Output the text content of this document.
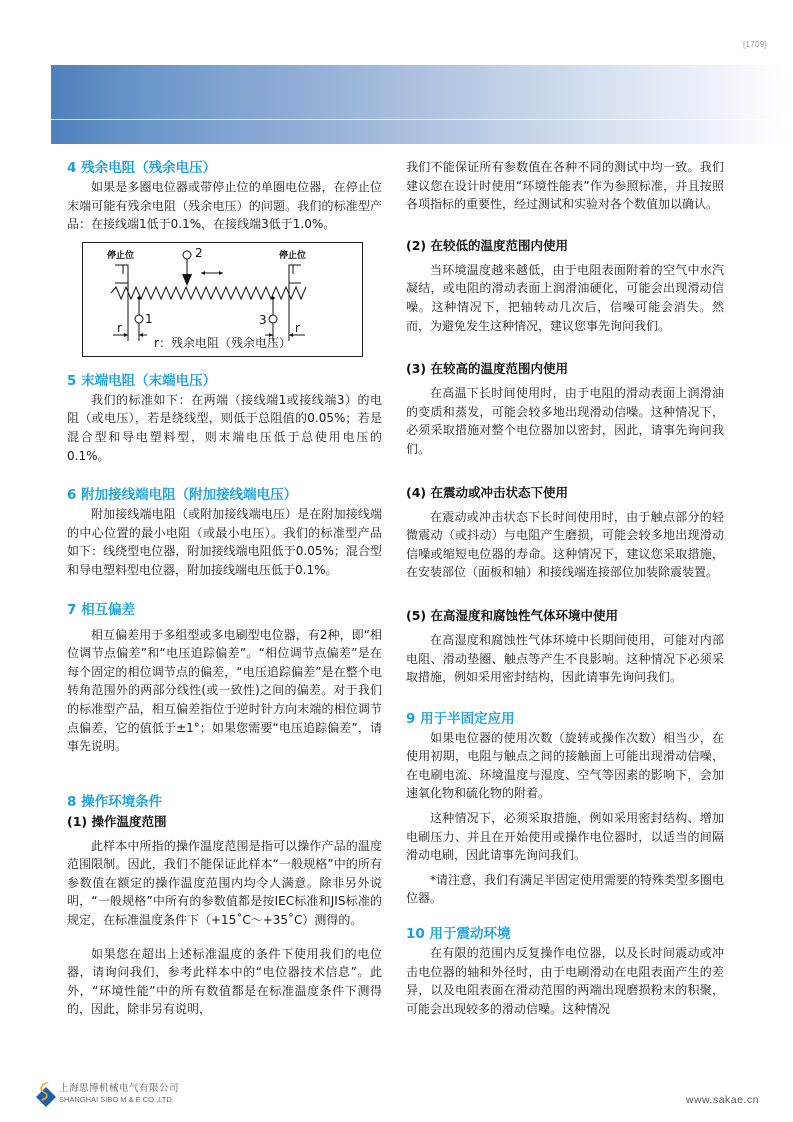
[1709]
4 残余电阻（残余电压）

如果是多圈电位器或带停止位的单圈电位器，在停止位末端可能有残余电阻（残余电压）的问题。我们的标准型产品：在接线端1低于0.1%，在接线端3低于1.0%。

停止位	停止位
2
1	3
r	r
r：残余电阻（残余电压）
5 末端电阻（末端电压）

我们的标准如下：在两端（接线端1或接线端3）的电阻（或电压），若是绕线型，则低于总阻值的0.05%；若是混合型和导电塑料型，则末端电压低于总使用电压的0.1%。

6 附加接线端电阻（附加接线端电压）

附加接线端电阻（或附加接线端电压）是在附加接线端的中心位置的最小电阻（或最小电压）。我们的标准型产品如下：线绕型电位器，附加接线端电阻低于0.05%；混合型和导电塑料型电位器，附加接线端电压低于0.1%。

7 相互偏差

相互偏差用于多组型或多电刷型电位器，有2种，即“相位调节点偏差”和“电压追踪偏差”。“相位调节点偏差”是在每个固定的相位调节点的偏差，“电压追踪偏差”是在整个电转角范围外的两部分线性(或一致性)之间的偏差。对于我们的标准型产品，相互偏差指位于逆时针方向末端的相位调节点偏差，它的值低于±1°；如果您需要“电压追踪偏差”，请事先说明。

8 操作环境条件
(1) 操作温度范围

此样本中所指的操作温度范围是指可以操作产品的温度范围限制。因此，我们不能保证此样本“一般规格”中的所有参数值在额定的操作温度范围内均令人满意。除非另外说明，“一般规格”中所有的参数值都是按IEC标准和JIS标准的规定，在标准温度条件下（+15˚C～+35˚C）测得的。

如果您在超出上述标准温度的条件下使用我们的电位器，请询问我们，参考此样本中的“电位器技术信息”。此外，“环境性能”中的所有数值都是在标准温度条件下测得的，因此，除非另有说明，

我们不能保证所有参数值在各种不同的测试中均一致。我们建议您在设计时使用“环境性能表”作为参照标准，并且按照各项指标的重要性，经过测试和实验对各个数值加以确认。

(2) 在较低的温度范围内使用

当环境温度越来越低，由于电阻表面附着的空气中水汽凝结，或电阻的滑动表面上润滑油硬化，可能会出现滑动信噪。这种情况下，把轴转动几次后，信噪可能会消失。然而，为避免发生这种情况，建议您事先询问我们。

(3) 在较高的温度范围内使用

在高温下长时间使用时，由于电阻的滑动表面上润滑油的变质和蒸发，可能会较多地出现滑动信噪。这种情况下，必须采取措施对整个电位器加以密封，因此，请事先询问我们。

(4) 在震动或冲击状态下使用

在震动或冲击状态下长时间使用时，由于触点部分的轻微震动（或抖动）与电阻产生磨损，可能会较多地出现滑动信噪或缩短电位器的寿命。这种情况下，建议您采取措施，在安装部位（面板和轴）和接线端连接部位加装除震装置。

(5) 在高湿度和腐蚀性气体环境中使用

在高湿度和腐蚀性气体环境中长期间使用，可能对内部电阻、滑动垫圈、触点等产生不良影响。这种情况下必须采取措施，例如采用密封结构，因此请事先询问我们。

9 用于半固定应用

如果电位器的使用次数（旋转或操作次数）相当少，在使用初期，电阻与触点之间的接触面上可能出现滑动信噪，在电刷电流、环境温度与湿度、空气等因素的影响下，会加速氧化物和硫化物的附着。

这种情况下，必须采取措施，例如采用密封结构、增加电刷压力、并且在开始使用或操作电位器时，以适当的间隔滑动电刷，因此请事先询问我们。

*请注意，我们有满足半固定使用需要的特殊类型多圈电位器。

10 用于震动环境

在有限的范围内反复操作电位器，以及长时间震动或冲击电位器的轴和外径时，由于电刷滑动在电阻表面产生的差异，以及电阻表面在滑动范围的两端出现磨损粉末的积聚，可能会出现较多的滑动信噪。这种情况

上海思博机械电气有限公司
SHANGHAI SIBO M & E CO.,LTD.	www.sakae.cn
